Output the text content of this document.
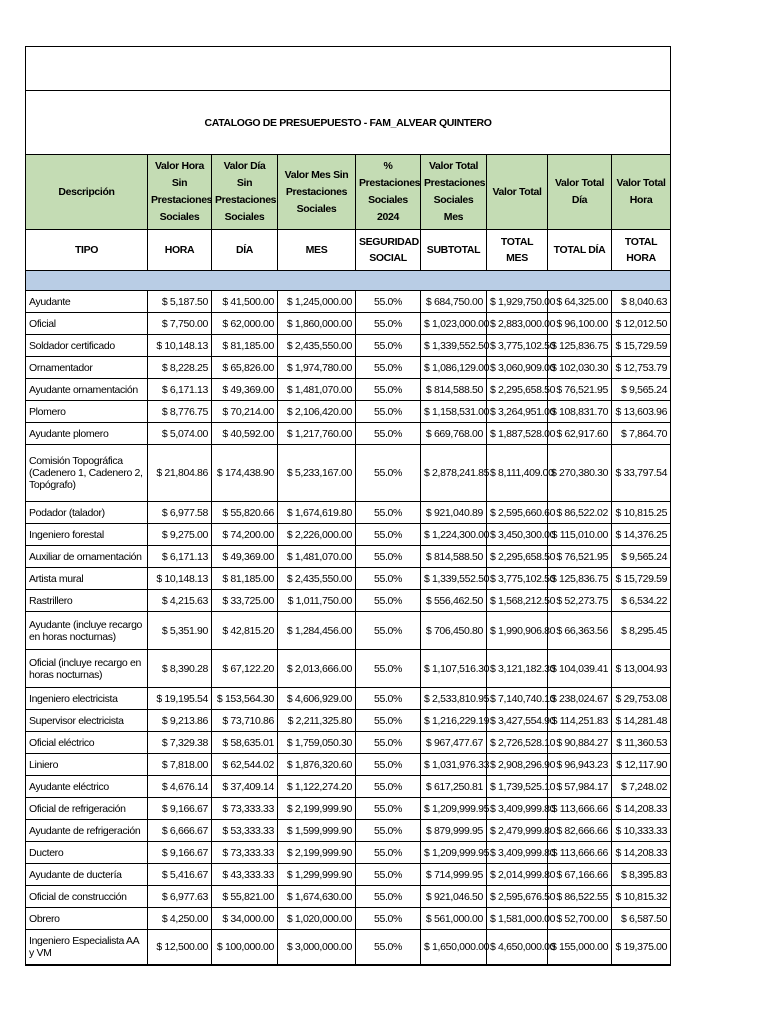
CATALOGO DE PRESUEPUESTO - FAM_ALVEAR QUINTERO								
Descripción	Valor Hora Sin Prestaciones Sociales	Valor Día Sin Prestaciones Sociales	Valor Mes Sin Prestaciones Sociales	% Prestaciones Sociales 2024	Valor Total Prestaciones Sociales Mes	Valor Total	Valor Total Día	Valor Total Hora
TIPO	HORA	DÍA	MES	SEGURIDAD SOCIAL	SUBTOTAL	TOTAL MES	TOTAL DÍA	TOTAL HORA

Ayudante	$ 5,187.50	$ 41,500.00	$ 1,245,000.00	55.0%	$ 684,750.00	$ 1,929,750.00	$ 64,325.00	$ 8,040.63
Oficial	$ 7,750.00	$ 62,000.00	$ 1,860,000.00	55.0%	$ 1,023,000.00	$ 2,883,000.00	$ 96,100.00	$ 12,012.50
Soldador certificado	$ 10,148.13	$ 81,185.00	$ 2,435,550.00	55.0%	$ 1,339,552.50	$ 3,775,102.50	$ 125,836.75	$ 15,729.59
Ornamentador	$ 8,228.25	$ 65,826.00	$ 1,974,780.00	55.0%	$ 1,086,129.00	$ 3,060,909.00	$ 102,030.30	$ 12,753.79
Ayudante ornamentación	$ 6,171.13	$ 49,369.00	$ 1,481,070.00	55.0%	$ 814,588.50	$ 2,295,658.50	$ 76,521.95	$ 9,565.24
Plomero	$ 8,776.75	$ 70,214.00	$ 2,106,420.00	55.0%	$ 1,158,531.00	$ 3,264,951.00	$ 108,831.70	$ 13,603.96
Ayudante plomero	$ 5,074.00	$ 40,592.00	$ 1,217,760.00	55.0%	$ 669,768.00	$ 1,887,528.00	$ 62,917.60	$ 7,864.70
Comisión Topográfica (Cadenero 1, Cadenero 2, Topógrafo)	$ 21,804.86	$ 174,438.90	$ 5,233,167.00	55.0%	$ 2,878,241.85	$ 8,111,409.00	$ 270,380.30	$ 33,797.54
Podador (talador)	$ 6,977.58	$ 55,820.66	$ 1,674,619.80	55.0%	$ 921,040.89	$ 2,595,660.60	$ 86,522.02	$ 10,815.25
Ingeniero forestal	$ 9,275.00	$ 74,200.00	$ 2,226,000.00	55.0%	$ 1,224,300.00	$ 3,450,300.00	$ 115,010.00	$ 14,376.25
Auxiliar de ornamentación	$ 6,171.13	$ 49,369.00	$ 1,481,070.00	55.0%	$ 814,588.50	$ 2,295,658.50	$ 76,521.95	$ 9,565.24
Artista mural	$ 10,148.13	$ 81,185.00	$ 2,435,550.00	55.0%	$ 1,339,552.50	$ 3,775,102.50	$ 125,836.75	$ 15,729.59
Rastrillero	$ 4,215.63	$ 33,725.00	$ 1,011,750.00	55.0%	$ 556,462.50	$ 1,568,212.50	$ 52,273.75	$ 6,534.22
Ayudante (incluye recargo en horas nocturnas)	$ 5,351.90	$ 42,815.20	$ 1,284,456.00	55.0%	$ 706,450.80	$ 1,990,906.80	$ 66,363.56	$ 8,295.45
Oficial (incluye recargo en horas nocturnas)	$ 8,390.28	$ 67,122.20	$ 2,013,666.00	55.0%	$ 1,107,516.30	$ 3,121,182.30	$ 104,039.41	$ 13,004.93
Ingeniero electricista	$ 19,195.54	$ 153,564.30	$ 4,606,929.00	55.0%	$ 2,533,810.95	$ 7,140,740.10	$ 238,024.67	$ 29,753.08
Supervisor electricista	$ 9,213.86	$ 73,710.86	$ 2,211,325.80	55.0%	$ 1,216,229.19	$ 3,427,554.90	$ 114,251.83	$ 14,281.48
Oficial eléctrico	$ 7,329.38	$ 58,635.01	$ 1,759,050.30	55.0%	$ 967,477.67	$ 2,726,528.10	$ 90,884.27	$ 11,360.53
Liniero	$ 7,818.00	$ 62,544.02	$ 1,876,320.60	55.0%	$ 1,031,976.33	$ 2,908,296.90	$ 96,943.23	$ 12,117.90
Ayudante eléctrico	$ 4,676.14	$ 37,409.14	$ 1,122,274.20	55.0%	$ 617,250.81	$ 1,739,525.10	$ 57,984.17	$ 7,248.02
Oficial de refrigeración	$ 9,166.67	$ 73,333.33	$ 2,199,999.90	55.0%	$ 1,209,999.95	$ 3,409,999.80	$ 113,666.66	$ 14,208.33
Ayudante de refrigeración	$ 6,666.67	$ 53,333.33	$ 1,599,999.90	55.0%	$ 879,999.95	$ 2,479,999.80	$ 82,666.66	$ 10,333.33
Ductero	$ 9,166.67	$ 73,333.33	$ 2,199,999.90	55.0%	$ 1,209,999.95	$ 3,409,999.80	$ 113,666.66	$ 14,208.33
Ayudante de ductería	$ 5,416.67	$ 43,333.33	$ 1,299,999.90	55.0%	$ 714,999.95	$ 2,014,999.80	$ 67,166.66	$ 8,395.83
Oficial de construcción	$ 6,977.63	$ 55,821.00	$ 1,674,630.00	55.0%	$ 921,046.50	$ 2,595,676.50	$ 86,522.55	$ 10,815.32
Obrero	$ 4,250.00	$ 34,000.00	$ 1,020,000.00	55.0%	$ 561,000.00	$ 1,581,000.00	$ 52,700.00	$ 6,587.50
Ingeniero Especialista AA y VM	$ 12,500.00	$ 100,000.00	$ 3,000,000.00	55.0%	$ 1,650,000.00	$ 4,650,000.00	$ 155,000.00	$ 19,375.00
